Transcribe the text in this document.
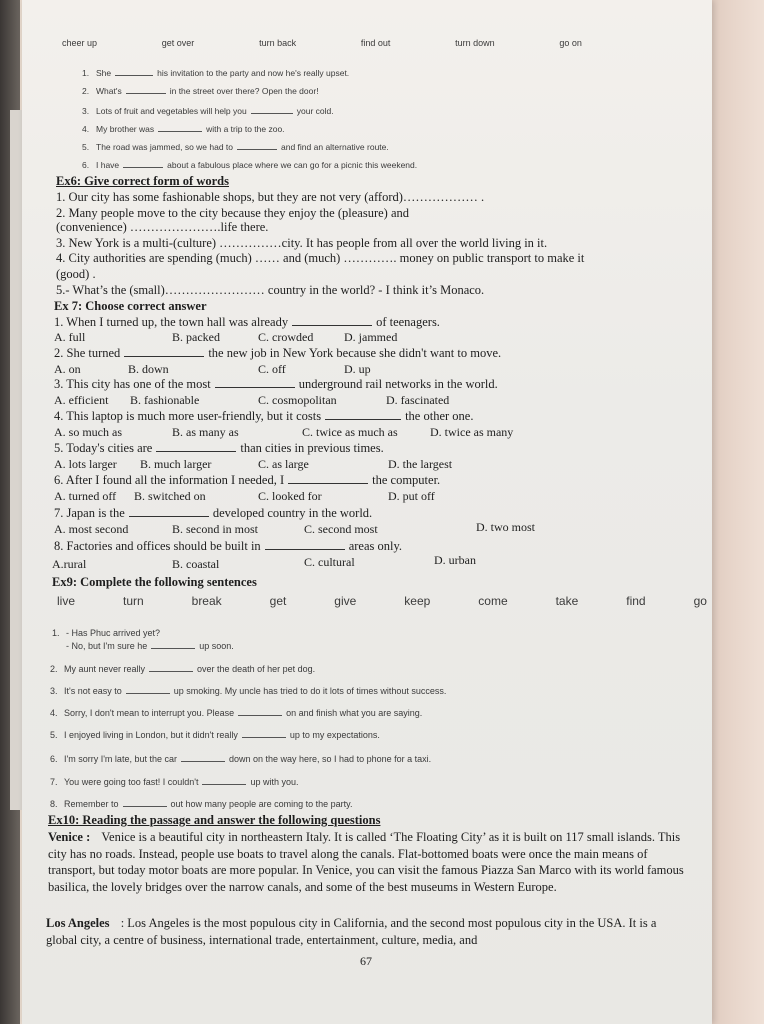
cheer up	get over	turn back	find out	turn down	go on
1. She	his invitation to the party and now he's really upset.
2. What's	in the street over there? Open the door!
3. Lots of fruit and vegetables will help you	your cold.
4. My brother was	with a trip to the zoo.
5. The road was jammed, so we had to	and find an alternative route.
6. I have	about a fabulous place where we can go for a picnic this weekend.
Ex6: Give correct form of words
1. Our city has some fashionable shops, but they are not very (afford)……………… .
2. Many people move to the city because they enjoy the (pleasure) and
(convenience) ………………….life there.
3. New York is a multi-(culture) ……………city. It has people from all over the world living in it.
4. City authorities are spending (much) …… and (much) …………. money on public transport to make it
(good) .
5.- What’s the (small)…………………… country in the world? - I think it’s Monaco.
Ex 7: Choose correct answer
1. When I turned up, the town hall was already	of teenagers.
A. full	B. packed	C. crowded	D. jammed
2. She turned	the new job in New York because she didn't want to move.
A. on	B. down	C. off	D. up
3. This city has one of the most	underground rail networks in the world.
A. efficient B. fashionable	C. cosmopolitan	D. fascinated
4. This laptop is much more user-friendly, but it costs	the other one.
A. so much as	B. as many as	C. twice as much as	D. twice as many
5. Today's cities are	than cities in previous times.
A. lots larger B. much larger	C. as large	D. the largest
6. After I found all the information I needed, I	the computer.
A. turned off B. switched on	C. looked for	D. put off
7. Japan is the	developed country in the world.
A. most second	B. second in most	C. second most	D. two most
8. Factories and offices should be built in	areas only.
A.rural	B. coastal	C. cultural	D. urban
Ex9: Complete the following sentences
live	turn	break	get	give	keep	come	take	find	go
1. - Has Phuc arrived yet?
- No, but I'm sure he	up soon.
2. My aunt never really	over the death of her pet dog.
3. It's not easy to	up smoking. My uncle has tried to do it lots of times without success.
4. Sorry, I don't mean to interrupt you. Please	on and finish what you are saying.
5. I enjoyed living in London, but it didn't really	up to my expectations.
6. I'm sorry I'm late, but the car	down on the way here, so I had to phone for a taxi.
7. You were going too fast! I couldn't	up with you.
8. Remember to	out how many people are coming to the party.
Ex10: Reading the passage and answer the following questions
Venice : Venice is a beautiful city in northeastern Italy. It is called ‘The Floating City’ as it is built on 117 small islands. This city has no roads. Instead, people use boats to travel along the canals. Flat-bottomed boats were once the main means of transport, but today motor boats are more popular. In Venice, you can visit the famous Piazza San Marco with its world famous basilica, the lovely bridges over the narrow canals, and some of the best museums in Western Europe.
Los Angeles : Los Angeles is the most populous city in California, and the second most populous city in the USA. It is a global city, a centre of business, international trade, entertainment, culture, media, and
67
